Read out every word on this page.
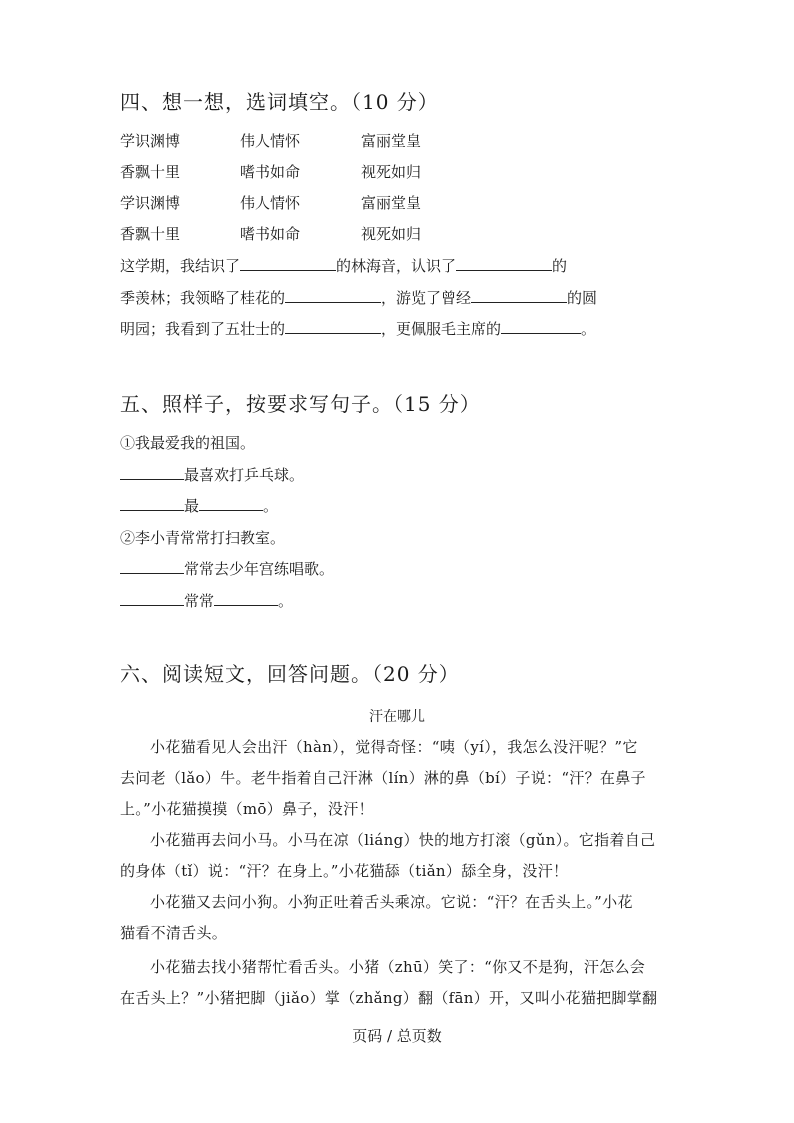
四、想一想，选词填空。（10 分）
学识渊博	伟人情怀	富丽堂皇
香飘十里	嗜书如命	视死如归
学识渊博	伟人情怀	富丽堂皇
香飘十里	嗜书如命	视死如归
这学期，我结识了	的林海音，认识了	的
季羡林；我领略了桂花的	，游览了曾经	的圆
明园；我看到了五壮士的	，更佩服毛主席的	。
五、照样子，按要求写句子。（15 分）
①我最爱我的祖国。
最喜欢打乒乓球。
最	。
②李小青常常打扫教室。
常常去少年宫练唱歌。
常常	。
六、阅读短文，回答问题。（20 分）
汗在哪儿
小花猫看见人会出汗（hàn），觉得奇怪：“咦（yí），我怎么没汗呢？”它
去问老（lǎo）牛。老牛指着自己汗淋（lín）淋的鼻（bí）子说：“汗？在鼻子
上。”小花猫摸摸（mō）鼻子，没汗！
小花猫再去问小马。小马在凉（liáng）快的地方打滚（gǔn）。它指着自己
的身体（tǐ）说：“汗？在身上。”小花猫舔（tiǎn）舔全身，没汗！
小花猫又去问小狗。小狗正吐着舌头乘凉。它说：“汗？在舌头上。”小花
猫看不清舌头。
小花猫去找小猪帮忙看舌头。小猪（zhū）笑了：“你又不是狗，汗怎么会
在舌头上？”小猪把脚（jiǎo）掌（zhǎng）翻（fān）开，又叫小花猫把脚掌翻
页码 / 总页数
